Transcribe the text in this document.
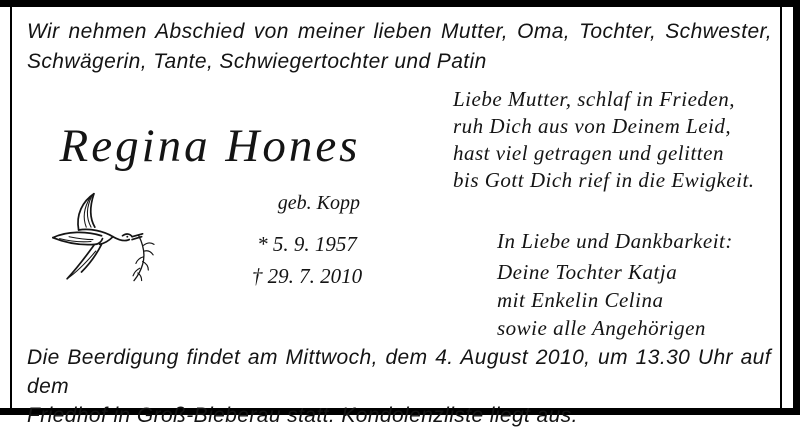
Wir nehmen Abschied von meiner lieben Mutter, Oma, Tochter, Schwester,
Schwägerin, Tante, Schwiegertochter und Patin
Liebe Mutter, schlaf in Frieden,
ruh Dich aus von Deinem Leid,
hast viel getragen und gelitten
bis Gott Dich rief in die Ewigkeit.
Regina Hones
geb. Kopp
* 5. 9. 1957
† 29. 7. 2010
In Liebe und Dankbarkeit:
Deine Tochter Katja
mit Enkelin Celina
sowie alle Angehörigen
Die Beerdigung findet am Mittwoch, dem 4. August 2010, um 13.30 Uhr auf dem
Friedhof in Groß-Bieberau statt. Kondolenzliste liegt aus.
